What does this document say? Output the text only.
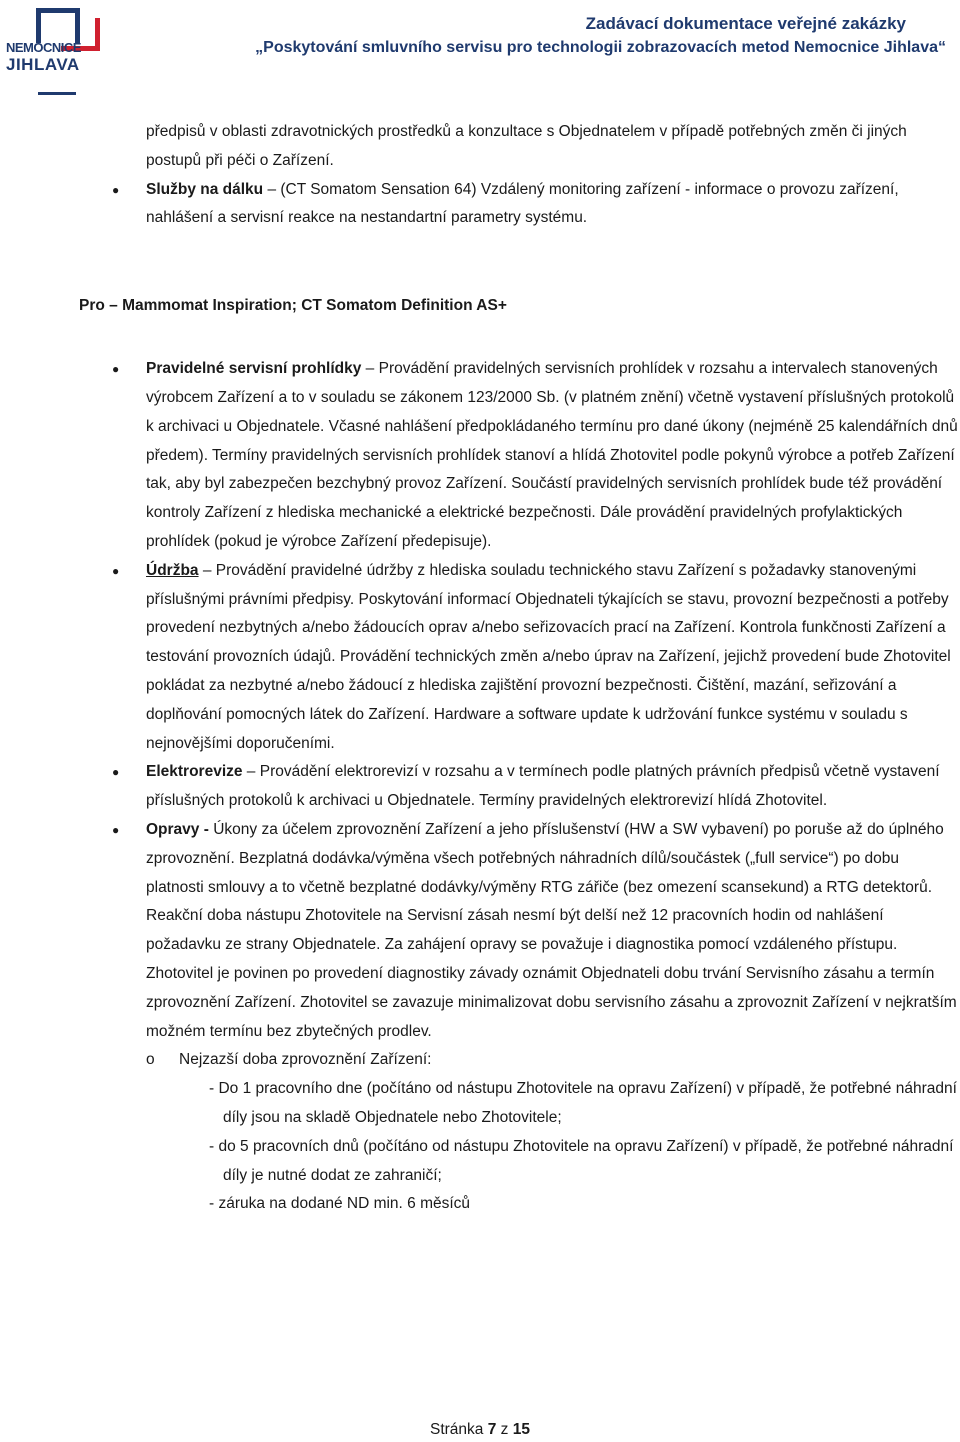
NEMOCNICE
JIHLAVA
Zadávací dokumentace veřejné zakázky
„Poskytování smluvního servisu pro technologii zobrazovacích metod Nemocnice Jihlava“

předpisů v oblasti zdravotnických prostředků a konzultace s Objednatelem v případě potřebných změn či jiných postupů při péči o Zařízení.

● Služby na dálku – (CT Somatom Sensation 64) Vzdálený monitoring zařízení - informace o provozu zařízení, nahlášení a servisní reakce na nestandartní parametry systému.

● Pravidelné servisní prohlídky – Provádění pravidelných servisních prohlídek v rozsahu a intervalech stanovených výrobcem Zařízení a to v souladu se zákonem 123/2000 Sb. (v platném znění) včetně vystavení příslušných protokolů k archivaci u Objednatele. Včasné nahlášení předpokládaného termínu pro dané úkony (nejméně 25 kalendářních dnů předem). Termíny pravidelných servisních prohlídek stanoví a hlídá Zhotovitel podle pokynů výrobce a potřeb Zařízení tak, aby byl zabezpečen bezchybný provoz Zařízení. Součástí pravidelných servisních prohlídek bude též provádění kontroly Zařízení z hlediska mechanické a elektrické bezpečnosti. Dále provádění pravidelných profylaktických prohlídek (pokud je výrobce Zařízení předepisuje).

● Údržba – Provádění pravidelné údržby z hlediska souladu technického stavu Zařízení s požadavky stanovenými příslušnými právními předpisy. Poskytování informací Objednateli týkajících se stavu, provozní bezpečnosti a potřeby provedení nezbytných a/nebo žádoucích oprav a/nebo seřizovacích prací na Zařízení. Kontrola funkčnosti Zařízení a testování provozních údajů. Provádění technických změn a/nebo úprav na Zařízení, jejichž provedení bude Zhotovitel pokládat za nezbytné a/nebo žádoucí z hlediska zajištění provozní bezpečnosti. Čištění, mazání, seřizování a doplňování pomocných látek do Zařízení. Hardware a software update k udržování funkce systému v souladu s nejnovějšími doporučeními.

● Elektrorevize – Provádění elektrorevizí v rozsahu a v termínech podle platných právních předpisů včetně vystavení příslušných protokolů k archivaci u Objednatele. Termíny pravidelných elektrorevizí hlídá Zhotovitel.

● Opravy - Úkony za účelem zprovoznění Zařízení a jeho příslušenství (HW a SW vybavení) po poruše až do úplného zprovoznění. Bezplatná dodávka/výměna všech potřebných náhradních dílů/součástek („full service“) po dobu platnosti smlouvy a to včetně bezplatné dodávky/výměny RTG zářiče (bez omezení scansekund) a RTG detektorů.

Reakční doba nástupu Zhotovitele na Servisní zásah nesmí být delší než 12 pracovních hodin od nahlášení požadavku ze strany Objednatele. Za zahájení opravy se považuje i diagnostika pomocí vzdáleného přístupu. Zhotovitel je povinen po provedení diagnostiky závady oznámit Objednateli dobu trvání Servisního zásahu a termín zprovoznění Zařízení. Zhotovitel se zavazuje minimalizovat dobu servisního zásahu a zprovoznit Zařízení v nejkratším možném termínu bez zbytečných prodlev.

o Nejzazší doba zprovoznění Zařízení:

- Do 1 pracovního dne (počítáno od nástupu Zhotovitele na opravu Zařízení) v případě, že potřebné náhradní díly jsou na skladě Objednatele nebo Zhotovitele;

- do 5 pracovních dnů (počítáno od nástupu Zhotovitele na opravu Zařízení) v případě, že potřebné náhradní díly je nutné dodat ze zahraničí;

- záruka na dodané ND min. 6 měsíců

Pro – Mammomat Inspiration; CT Somatom Definition AS+
Stránka 7 z 15
